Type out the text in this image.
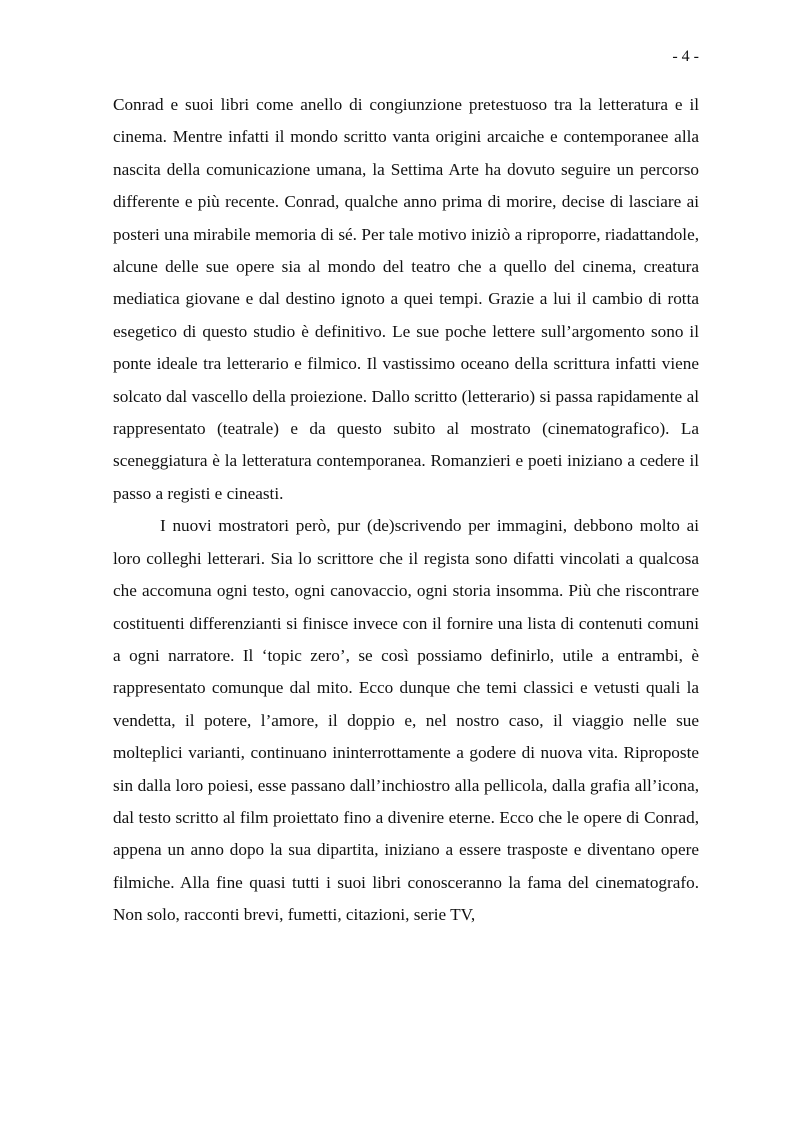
- 4 -

Conrad e suoi libri come anello di congiunzione pretestuoso tra la letteratura e il cinema. Mentre infatti il mondo scritto vanta origini arcaiche e contemporanee alla nascita della comunicazione umana, la Settima Arte ha dovuto seguire un percorso differente e più recente. Conrad, qualche anno prima di morire, decise di lasciare ai posteri una mirabile memoria di sé. Per tale motivo iniziò a riproporre, riadattandole, alcune delle sue opere sia al mondo del teatro che a quello del cinema, creatura mediatica giovane e dal destino ignoto a quei tempi. Grazie a lui il cambio di rotta esegetico di questo studio è definitivo. Le sue poche lettere sull’argomento sono il ponte ideale tra letterario e filmico. Il vastissimo oceano della scrittura infatti viene solcato dal vascello della proiezione. Dallo scritto (letterario) si passa rapidamente al rappresentato (teatrale) e da questo subito al mostrato (cinematografico). La sceneggiatura è la letteratura contemporanea. Romanzieri e poeti iniziano a cedere il passo a registi e cineasti.

I nuovi mostratori però, pur (de)scrivendo per immagini, debbono molto ai loro colleghi letterari. Sia lo scrittore che il regista sono difatti vincolati a qualcosa che accomuna ogni testo, ogni canovaccio, ogni storia insomma. Più che riscontrare costituenti differenzianti si finisce invece con il fornire una lista di contenuti comuni a ogni narratore. Il ‘topic zero’, se così possiamo definirlo, utile a entrambi, è rappresentato comunque dal mito. Ecco dunque che temi classici e vetusti quali la vendetta, il potere, l’amore, il doppio e, nel nostro caso, il viaggio nelle sue molteplici varianti, continuano ininterrottamente a godere di nuova vita. Riproposte sin dalla loro poiesi, esse passano dall’inchiostro alla pellicola, dalla grafia all’icona, dal testo scritto al film proiettato fino a divenire eterne. Ecco che le opere di Conrad, appena un anno dopo la sua dipartita, iniziano a essere trasposte e diventano opere filmiche. Alla fine quasi tutti i suoi libri conosceranno la fama del cinematografo. Non solo, racconti brevi, fumetti, citazioni, serie TV,
